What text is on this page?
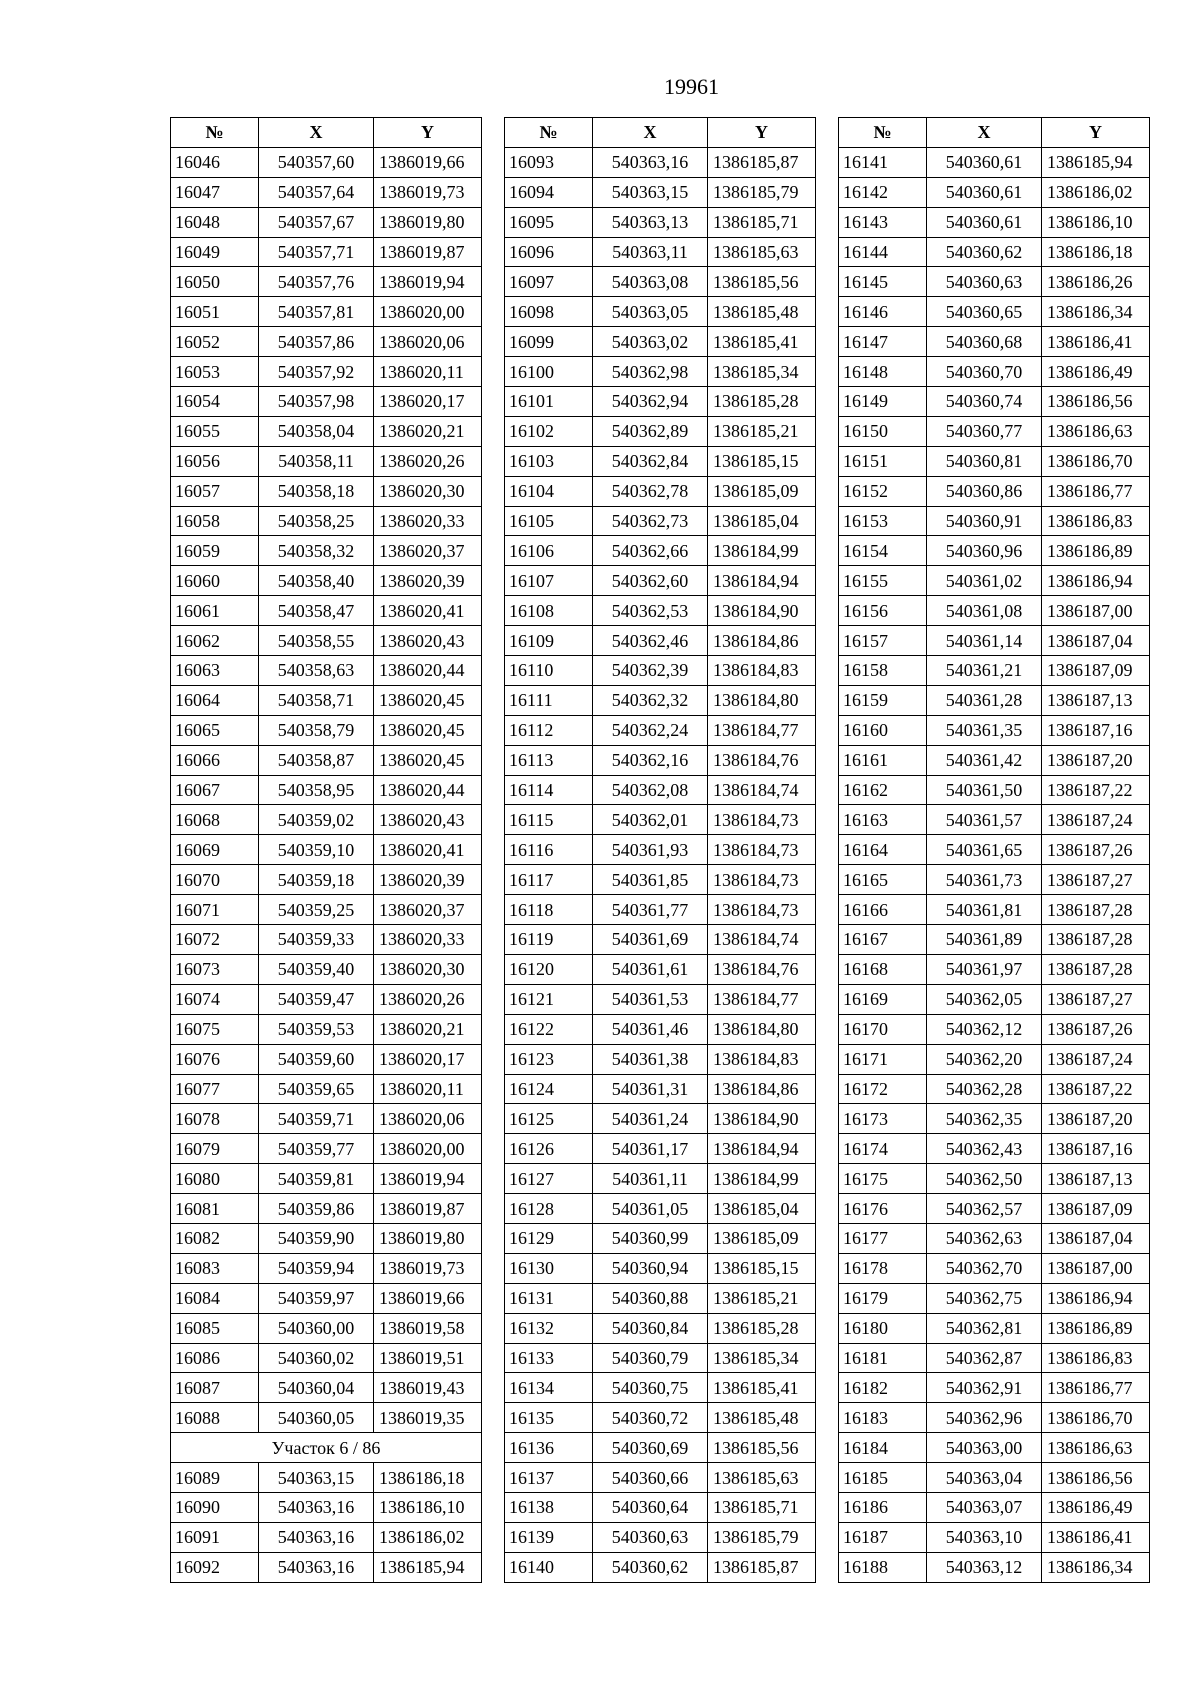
19961
№	X	Y
16046	540357,60	1386019,66
16047	540357,64	1386019,73
16048	540357,67	1386019,80
16049	540357,71	1386019,87
16050	540357,76	1386019,94
16051	540357,81	1386020,00
16052	540357,86	1386020,06
16053	540357,92	1386020,11
16054	540357,98	1386020,17
16055	540358,04	1386020,21
16056	540358,11	1386020,26
16057	540358,18	1386020,30
16058	540358,25	1386020,33
16059	540358,32	1386020,37
16060	540358,40	1386020,39
16061	540358,47	1386020,41
16062	540358,55	1386020,43
16063	540358,63	1386020,44
16064	540358,71	1386020,45
16065	540358,79	1386020,45
16066	540358,87	1386020,45
16067	540358,95	1386020,44
16068	540359,02	1386020,43
16069	540359,10	1386020,41
16070	540359,18	1386020,39
16071	540359,25	1386020,37
16072	540359,33	1386020,33
16073	540359,40	1386020,30
16074	540359,47	1386020,26
16075	540359,53	1386020,21
16076	540359,60	1386020,17
16077	540359,65	1386020,11
16078	540359,71	1386020,06
16079	540359,77	1386020,00
16080	540359,81	1386019,94
16081	540359,86	1386019,87
16082	540359,90	1386019,80
16083	540359,94	1386019,73
16084	540359,97	1386019,66
16085	540360,00	1386019,58
16086	540360,02	1386019,51
16087	540360,04	1386019,43
16088	540360,05	1386019,35
Участок 6 / 86		
16089	540363,15	1386186,18
16090	540363,16	1386186,10
16091	540363,16	1386186,02
16092	540363,16	1386185,94
№	X	Y
16093	540363,16	1386185,87
16094	540363,15	1386185,79
16095	540363,13	1386185,71
16096	540363,11	1386185,63
16097	540363,08	1386185,56
16098	540363,05	1386185,48
16099	540363,02	1386185,41
16100	540362,98	1386185,34
16101	540362,94	1386185,28
16102	540362,89	1386185,21
16103	540362,84	1386185,15
16104	540362,78	1386185,09
16105	540362,73	1386185,04
16106	540362,66	1386184,99
16107	540362,60	1386184,94
16108	540362,53	1386184,90
16109	540362,46	1386184,86
16110	540362,39	1386184,83
16111	540362,32	1386184,80
16112	540362,24	1386184,77
16113	540362,16	1386184,76
16114	540362,08	1386184,74
16115	540362,01	1386184,73
16116	540361,93	1386184,73
16117	540361,85	1386184,73
16118	540361,77	1386184,73
16119	540361,69	1386184,74
16120	540361,61	1386184,76
16121	540361,53	1386184,77
16122	540361,46	1386184,80
16123	540361,38	1386184,83
16124	540361,31	1386184,86
16125	540361,24	1386184,90
16126	540361,17	1386184,94
16127	540361,11	1386184,99
16128	540361,05	1386185,04
16129	540360,99	1386185,09
16130	540360,94	1386185,15
16131	540360,88	1386185,21
16132	540360,84	1386185,28
16133	540360,79	1386185,34
16134	540360,75	1386185,41
16135	540360,72	1386185,48
16136	540360,69	1386185,56
16137	540360,66	1386185,63
16138	540360,64	1386185,71
16139	540360,63	1386185,79
16140	540360,62	1386185,87
№	X	Y
16141	540360,61	1386185,94
16142	540360,61	1386186,02
16143	540360,61	1386186,10
16144	540360,62	1386186,18
16145	540360,63	1386186,26
16146	540360,65	1386186,34
16147	540360,68	1386186,41
16148	540360,70	1386186,49
16149	540360,74	1386186,56
16150	540360,77	1386186,63
16151	540360,81	1386186,70
16152	540360,86	1386186,77
16153	540360,91	1386186,83
16154	540360,96	1386186,89
16155	540361,02	1386186,94
16156	540361,08	1386187,00
16157	540361,14	1386187,04
16158	540361,21	1386187,09
16159	540361,28	1386187,13
16160	540361,35	1386187,16
16161	540361,42	1386187,20
16162	540361,50	1386187,22
16163	540361,57	1386187,24
16164	540361,65	1386187,26
16165	540361,73	1386187,27
16166	540361,81	1386187,28
16167	540361,89	1386187,28
16168	540361,97	1386187,28
16169	540362,05	1386187,27
16170	540362,12	1386187,26
16171	540362,20	1386187,24
16172	540362,28	1386187,22
16173	540362,35	1386187,20
16174	540362,43	1386187,16
16175	540362,50	1386187,13
16176	540362,57	1386187,09
16177	540362,63	1386187,04
16178	540362,70	1386187,00
16179	540362,75	1386186,94
16180	540362,81	1386186,89
16181	540362,87	1386186,83
16182	540362,91	1386186,77
16183	540362,96	1386186,70
16184	540363,00	1386186,63
16185	540363,04	1386186,56
16186	540363,07	1386186,49
16187	540363,10	1386186,41
16188	540363,12	1386186,34
